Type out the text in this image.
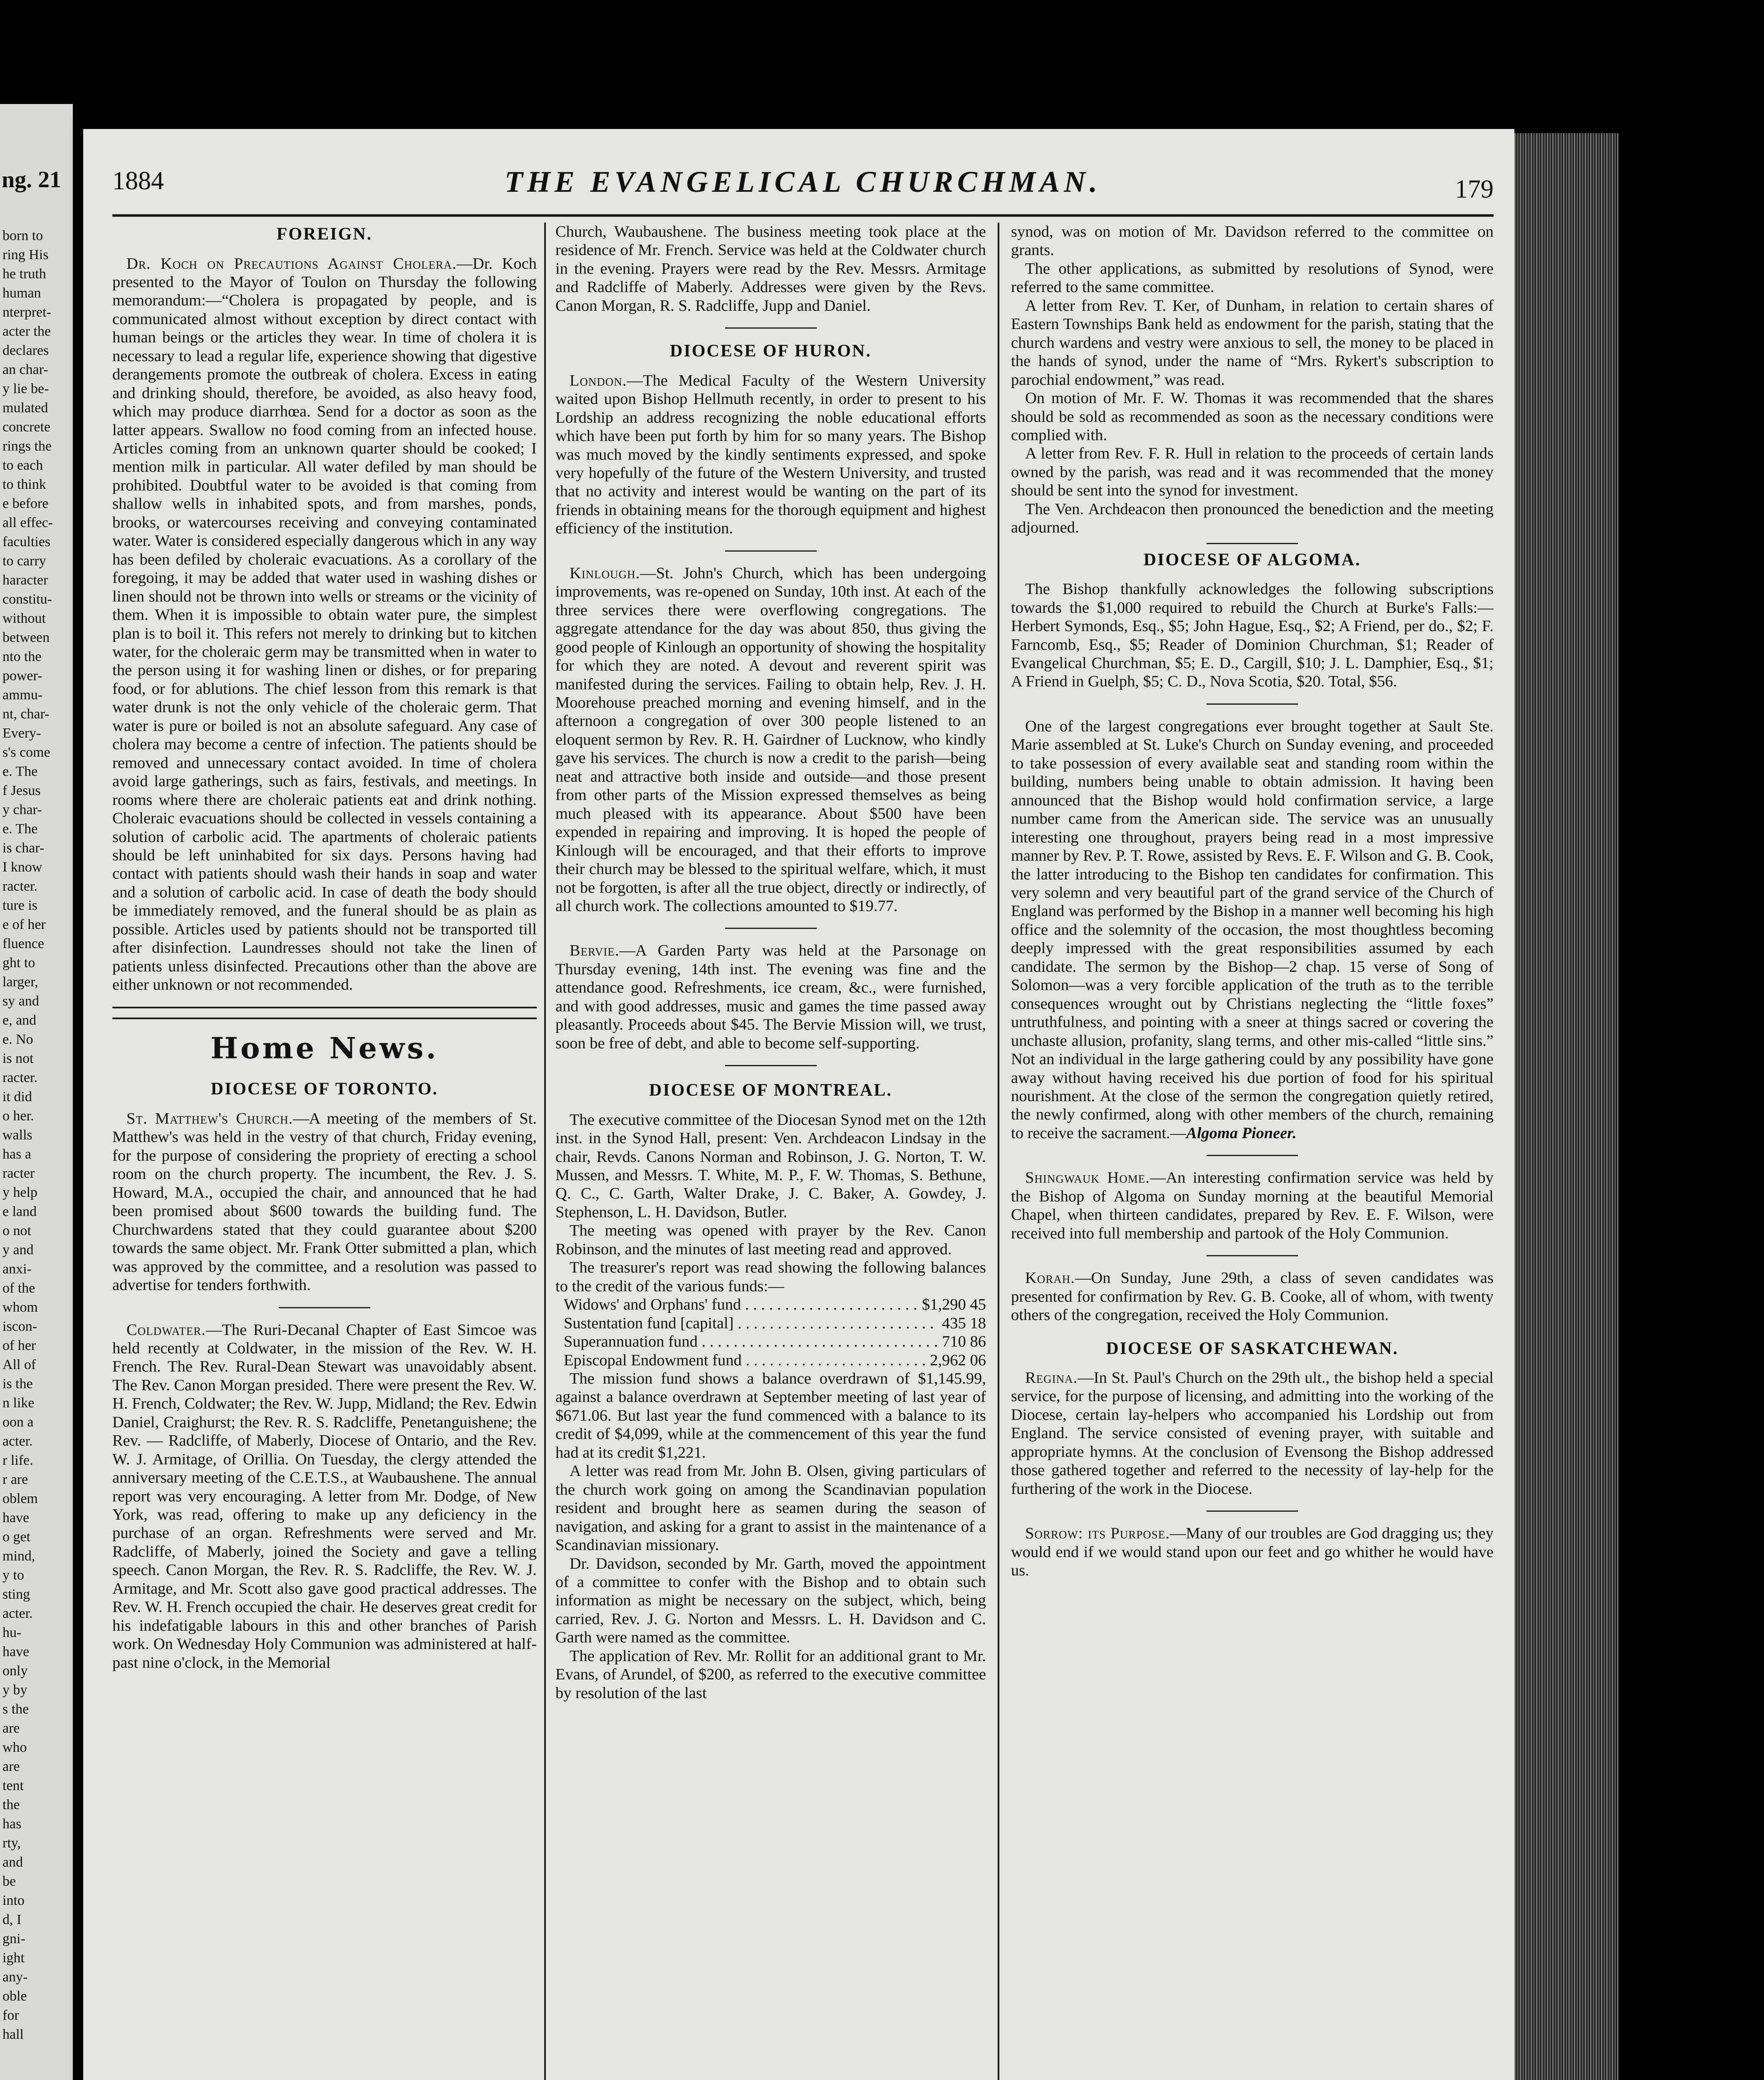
ng. 21
born to
ring His
he truth
human
nterpret-
acter the
declares
an char-
y lie be-
mulated
concrete
rings the
to each
to think
e before
all effec-
faculties
to carry
haracter
constitu-
without
between
nto the
power-
ammu-
nt, char-
Every-
s's come
e. The
f Jesus
y char-
e. The
is char-
I know
racter.
ture is
e of her
fluence
ght to
larger,
sy and
e, and
e. No
is not
racter.
it did
o her.
walls
has a
racter
y help
e land
o not
y and
anxi-
of the
whom
iscon-
of her
All of
is the
n like
oon a
acter.
r life.
r are
oblem
have
o get
mind,
y to
sting
acter.
hu-
have
only
y by
s the
are
who
are
tent
the
has
rty,
and
be
into
d, I
gni-
ight
any-
oble
for
hall
1884	THE EVANGELICAL CHURCHMAN.	179
FOREIGN.

Dr. Koch on Precautions Against Cholera.—Dr. Koch presented to the Mayor of Toulon on Thursday the following memorandum:—“Cholera is propagated by people, and is communicated almost without exception by direct contact with human beings or the articles they wear. In time of cholera it is necessary to lead a regular life, experience showing that digestive derangements promote the outbreak of cholera. Excess in eating and drinking should, therefore, be avoided, as also heavy food, which may produce diarrhœa. Send for a doctor as soon as the latter appears. Swallow no food coming from an infected house. Articles coming from an unknown quarter should be cooked; I mention milk in particular. All water defiled by man should be prohibited. Doubtful water to be avoided is that coming from shallow wells in inhabited spots, and from marshes, ponds, brooks, or watercourses receiving and conveying contaminated water. Water is considered especially dangerous which in any way has been defiled by choleraic evacuations. As a corollary of the foregoing, it may be added that water used in washing dishes or linen should not be thrown into wells or streams or the vicinity of them. When it is impossible to obtain water pure, the simplest plan is to boil it. This refers not merely to drinking but to kitchen water, for the choleraic germ may be transmitted when in water to the person using it for washing linen or dishes, or for preparing food, or for ablutions. The chief lesson from this remark is that water drunk is not the only vehicle of the choleraic germ. That water is pure or boiled is not an absolute safeguard. Any case of cholera may become a centre of infection. The patients should be removed and unnecessary contact avoided. In time of cholera avoid large gatherings, such as fairs, festivals, and meetings. In rooms where there are choleraic patients eat and drink nothing. Choleraic evacuations should be collected in vessels containing a solution of carbolic acid. The apartments of choleraic patients should be left uninhabited for six days. Persons having had contact with patients should wash their hands in soap and water and a solution of carbolic acid. In case of death the body should be immediately removed, and the funeral should be as plain as possible. Articles used by patients should not be transported till after disinfection. Laundresses should not take the linen of patients unless disinfected. Precautions other than the above are either unknown or not recommended.

Home News.
DIOCESE OF TORONTO.

St. Matthew's Church.—A meeting of the members of St. Matthew's was held in the vestry of that church, Friday evening, for the purpose of considering the propriety of erecting a school room on the church property. The incumbent, the Rev. J. S. Howard, M.A., occupied the chair, and announced that he had been promised about $600 towards the building fund. The Churchwardens stated that they could guarantee about $200 towards the same object. Mr. Frank Otter submitted a plan, which was approved by the committee, and a resolution was passed to advertise for tenders forthwith.

Coldwater.—The Ruri-Decanal Chapter of East Simcoe was held recently at Coldwater, in the mission of the Rev. W. H. French. The Rev. Rural-Dean Stewart was unavoidably absent. The Rev. Canon Morgan presided. There were present the Rev. W. H. French, Coldwater; the Rev. W. Jupp, Midland; the Rev. Edwin Daniel, Craighurst; the Rev. R. S. Radcliffe, Penetanguishene; the Rev. — Radcliffe, of Maberly, Diocese of Ontario, and the Rev. W. J. Armitage, of Orillia. On Tuesday, the clergy attended the anniversary meeting of the C.E.T.S., at Waubaushene. The annual report was very encouraging. A letter from Mr. Dodge, of New York, was read, offering to make up any deficiency in the purchase of an organ. Refreshments were served and Mr. Radcliffe, of Maberly, joined the Society and gave a telling speech. Canon Morgan, the Rev. R. S. Radcliffe, the Rev. W. J. Armitage, and Mr. Scott also gave good practical addresses. The Rev. W. H. French occupied the chair. He deserves great credit for his indefatigable labours in this and other branches of Parish work. On Wednesday Holy Communion was administered at half-past nine o'clock, in the Memorial

Church, Waubaushene. The business meeting took place at the residence of Mr. French. Service was held at the Coldwater church in the evening. Prayers were read by the Rev. Messrs. Armitage and Radcliffe of Maberly. Addresses were given by the Revs. Canon Morgan, R. S. Radcliffe, Jupp and Daniel.

DIOCESE OF HURON.

London.—The Medical Faculty of the Western University waited upon Bishop Hellmuth recently, in order to present to his Lordship an address recognizing the noble educational efforts which have been put forth by him for so many years. The Bishop was much moved by the kindly sentiments expressed, and spoke very hopefully of the future of the Western University, and trusted that no activity and interest would be wanting on the part of its friends in obtaining means for the thorough equipment and highest efficiency of the institution.

Kinlough.—St. John's Church, which has been undergoing improvements, was re-opened on Sunday, 10th inst. At each of the three services there were overflowing congregations. The aggregate attendance for the day was about 850, thus giving the good people of Kinlough an opportunity of showing the hospitality for which they are noted. A devout and reverent spirit was manifested during the services. Failing to obtain help, Rev. J. H. Moorehouse preached morning and evening himself, and in the afternoon a congregation of over 300 people listened to an eloquent sermon by Rev. R. H. Gairdner of Lucknow, who kindly gave his services. The church is now a credit to the parish—being neat and attractive both inside and outside—and those present from other parts of the Mission expressed themselves as being much pleased with its appearance. About $500 have been expended in repairing and improving. It is hoped the people of Kinlough will be encouraged, and that their efforts to improve their church may be blessed to the spiritual welfare, which, it must not be forgotten, is after all the true object, directly or indirectly, of all church work. The collections amounted to $19.77.

Bervie.—A Garden Party was held at the Parsonage on Thursday evening, 14th inst. The evening was fine and the attendance good. Refreshments, ice cream, &c., were furnished, and with good addresses, music and games the time passed away pleasantly. Proceeds about $45. The Bervie Mission will, we trust, soon be free of debt, and able to become self-supporting.

DIOCESE OF MONTREAL.

The executive committee of the Diocesan Synod met on the 12th inst. in the Synod Hall, present: Ven. Archdeacon Lindsay in the chair, Revds. Canons Norman and Robinson, J. G. Norton, T. W. Mussen, and Messrs. T. White, M. P., F. W. Thomas, S. Bethune, Q. C., C. Garth, Walter Drake, J. C. Baker, A. Gowdey, J. Stephenson, L. H. Davidson, Butler.

The meeting was opened with prayer by the Rev. Canon Robinson, and the minutes of last meeting read and approved.

The treasurer's report was read showing the following balances to the credit of the various funds:—

Widows' and Orphans' fund . . .	$1,290 45
Sustentation fund [capital] . . .	435 18
Superannuation fund . . .	710 86
Episcopal Endowment fund . . .	2,962 06

The mission fund shows a balance overdrawn of $1,145.99, against a balance overdrawn at September meeting of last year of $671.06. But last year the fund commenced with a balance to its credit of $4,099, while at the commencement of this year the fund had at its credit $1,221.

A letter was read from Mr. John B. Olsen, giving particulars of the church work going on among the Scandinavian population resident and brought here as seamen during the season of navigation, and asking for a grant to assist in the maintenance of a Scandinavian missionary.

Dr. Davidson, seconded by Mr. Garth, moved the appointment of a committee to confer with the Bishop and to obtain such information as might be necessary on the subject, which, being carried, Rev. J. G. Norton and Messrs. L. H. Davidson and C. Garth were named as the committee.

The application of Rev. Mr. Rollit for an additional grant to Mr. Evans, of Arundel, of $200, as referred to the executive committee by resolution of the last

synod, was on motion of Mr. Davidson referred to the committee on grants.

The other applications, as submitted by resolutions of Synod, were referred to the same committee.

A letter from Rev. T. Ker, of Dunham, in relation to certain shares of Eastern Townships Bank held as endowment for the parish, stating that the church wardens and vestry were anxious to sell, the money to be placed in the hands of synod, under the name of “Mrs. Rykert's subscription to parochial endowment,” was read.

On motion of Mr. F. W. Thomas it was recommended that the shares should be sold as recommended as soon as the necessary conditions were complied with.

A letter from Rev. F. R. Hull in relation to the proceeds of certain lands owned by the parish, was read and it was recommended that the money should be sent into the synod for investment.

The Ven. Archdeacon then pronounced the benediction and the meeting adjourned.

DIOCESE OF ALGOMA.

The Bishop thankfully acknowledges the following subscriptions towards the $1,000 required to rebuild the Church at Burke's Falls:—Herbert Symonds, Esq., $5; John Hague, Esq., $2; A Friend, per do., $2; F. Farncomb, Esq., $5; Reader of Dominion Churchman, $1; Reader of Evangelical Churchman, $5; E. D., Cargill, $10; J. L. Damphier, Esq., $1; A Friend in Guelph, $5; C. D., Nova Scotia, $20. Total, $56.

One of the largest congregations ever brought together at Sault Ste. Marie assembled at St. Luke's Church on Sunday evening, and proceeded to take possession of every available seat and standing room within the building, numbers being unable to obtain admission. It having been announced that the Bishop would hold confirmation service, a large number came from the American side. The service was an unusually interesting one throughout, prayers being read in a most impressive manner by Rev. P. T. Rowe, assisted by Revs. E. F. Wilson and G. B. Cook, the latter introducing to the Bishop ten candidates for confirmation. This very solemn and very beautiful part of the grand service of the Church of England was performed by the Bishop in a manner well becoming his high office and the solemnity of the occasion, the most thoughtless becoming deeply impressed with the great responsibilities assumed by each candidate. The sermon by the Bishop—2 chap. 15 verse of Song of Solomon—was a very forcible application of the truth as to the terrible consequences wrought out by Christians neglecting the “little foxes” untruthfulness, and pointing with a sneer at things sacred or covering the unchaste allusion, profanity, slang terms, and other mis-called “little sins.” Not an individual in the large gathering could by any possibility have gone away without having received his due portion of food for his spiritual nourishment. At the close of the sermon the congregation quietly retired, the newly confirmed, along with other members of the church, remaining to receive the sacrament.—Algoma Pioneer.

Shingwauk Home.—An interesting confirmation service was held by the Bishop of Algoma on Sunday morning at the beautiful Memorial Chapel, when thirteen candidates, prepared by Rev. E. F. Wilson, were received into full membership and partook of the Holy Communion.

Korah.—On Sunday, June 29th, a class of seven candidates was presented for confirmation by Rev. G. B. Cooke, all of whom, with twenty others of the congregation, received the Holy Communion.

DIOCESE OF SASKATCHEWAN.

Regina.—In St. Paul's Church on the 29th ult., the bishop held a special service, for the purpose of licensing, and admitting into the working of the Diocese, certain lay-helpers who accompanied his Lordship out from England. The service consisted of evening prayer, with suitable and appropriate hymns. At the conclusion of Evensong the Bishop addressed those gathered together and referred to the necessity of lay-help for the furthering of the work in the Diocese.

Sorrow: its Purpose.—Many of our troubles are God dragging us; they would end if we would stand upon our feet and go whither he would have us.
